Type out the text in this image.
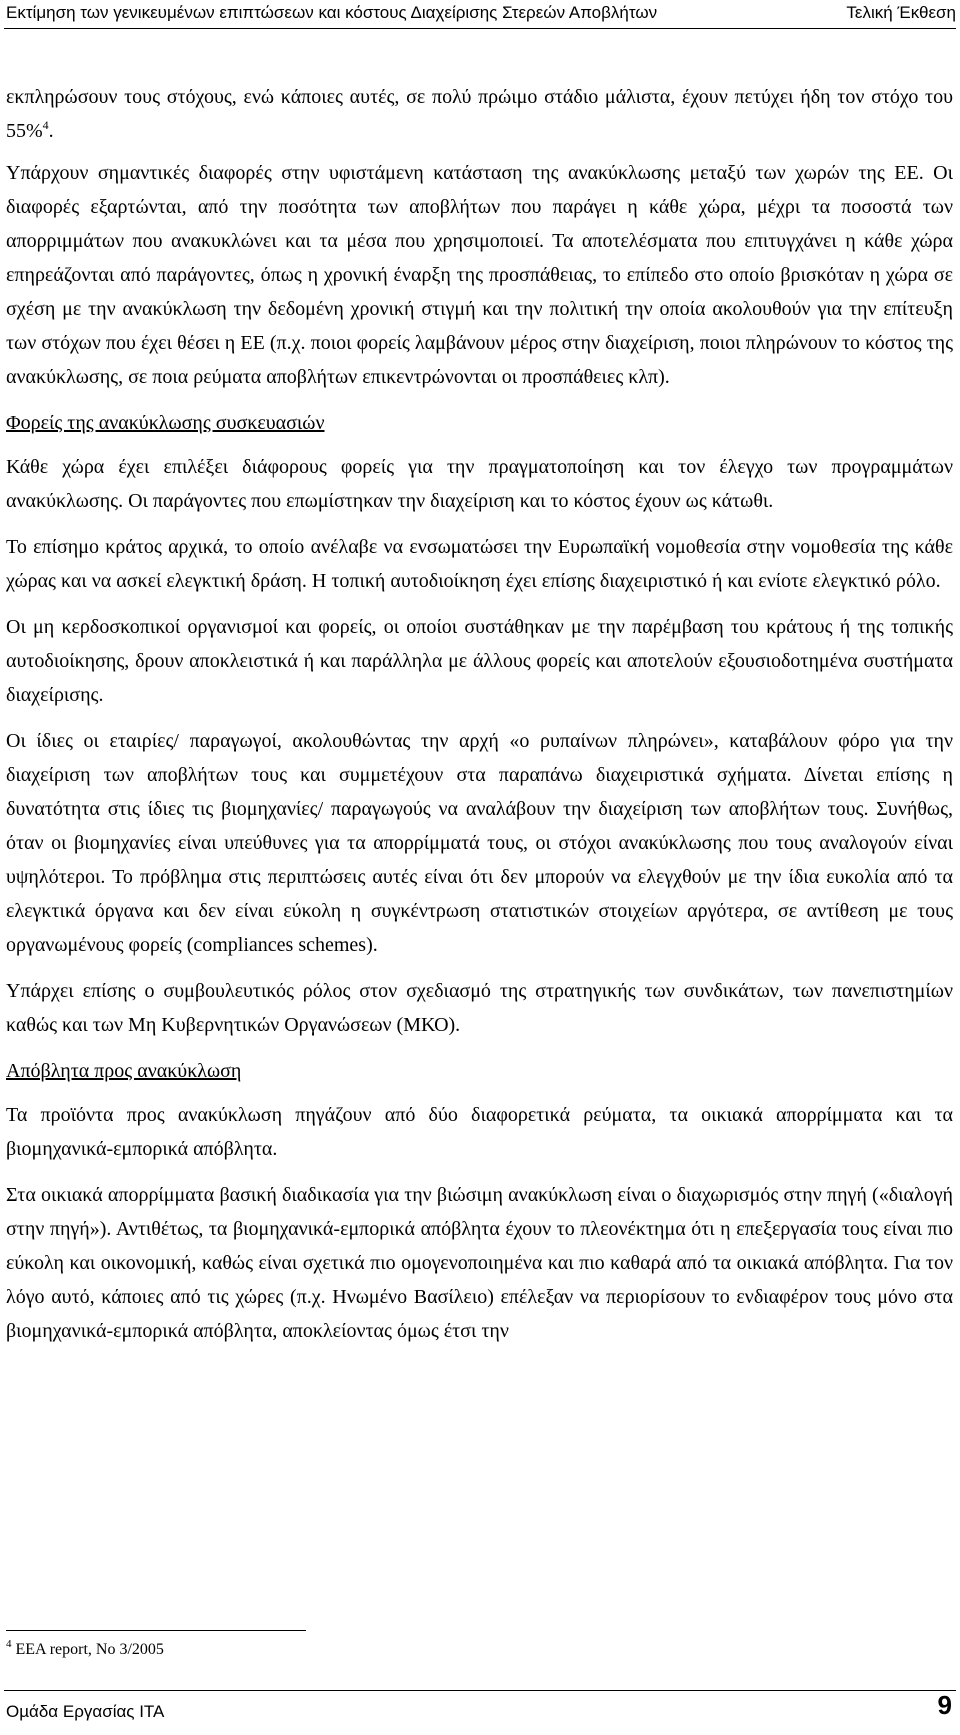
Εκτίμηση των γενικευμένων επιπτώσεων και κόστους Διαχείρισης Στερεών Αποβλήτων	Τελική Έκθεση

εκπληρώσουν τους στόχους, ενώ κάποιες αυτές, σε πολύ πρώιμο στάδιο μάλιστα, έχουν πετύχει ήδη τον στόχο του 55%$^4$.

Υπάρχουν σημαντικές διαφορές στην υφιστάμενη κατάσταση της ανακύκλωσης μεταξύ των χωρών της ΕΕ. Οι διαφορές εξαρτώνται, από την ποσότητα των αποβλήτων που παράγει η κάθε χώρα, μέχρι τα ποσοστά των απορριμμάτων που ανακυκλώνει και τα μέσα που χρησιμοποιεί. Τα αποτελέσματα που επιτυγχάνει η κάθε χώρα επηρεάζονται από παράγοντες, όπως η χρονική έναρξη της προσπάθειας, το επίπεδο στο οποίο βρισκόταν η χώρα σε σχέση με την ανακύκλωση την δεδομένη χρονική στιγμή και την πολιτική την οποία ακολουθούν για την επίτευξη των στόχων που έχει θέσει η ΕΕ (π.χ. ποιοι φορείς λαμβάνουν μέρος στην διαχείριση, ποιοι πληρώνουν το κόστος της ανακύκλωσης, σε ποια ρεύματα αποβλήτων επικεντρώνονται οι προσπάθειες κλπ).

Φορείς της ανακύκλωσης συσκευασιών

Κάθε χώρα έχει επιλέξει διάφορους φορείς για την πραγματοποίηση και τον έλεγχο των προγραμμάτων ανακύκλωσης. Οι παράγοντες που επωμίστηκαν την διαχείριση και το κόστος έχουν ως κάτωθι.

Το επίσημο κράτος αρχικά, το οποίο ανέλαβε να ενσωματώσει την Ευρωπαϊκή νομοθεσία στην νομοθεσία της κάθε χώρας και να ασκεί ελεγκτική δράση. Η τοπική αυτοδιοίκηση έχει επίσης διαχειριστικό ή και ενίοτε ελεγκτικό ρόλο.

Οι μη κερδοσκοπικοί οργανισμοί και φορείς, οι οποίοι συστάθηκαν με την παρέμβαση του κράτους ή της τοπικής αυτοδιοίκησης, δρουν αποκλειστικά ή και παράλληλα με άλλους φορείς και αποτελούν εξουσιοδοτημένα συστήματα διαχείρισης.

Οι ίδιες οι εταιρίες/ παραγωγοί, ακολουθώντας την αρχή «ο ρυπαίνων πληρώνει», καταβάλουν φόρο για την διαχείριση των αποβλήτων τους και συμμετέχουν στα παραπάνω διαχειριστικά σχήματα. Δίνεται επίσης η δυνατότητα στις ίδιες τις βιομηχανίες/ παραγωγούς να αναλάβουν την διαχείριση των αποβλήτων τους. Συνήθως, όταν οι βιομηχανίες είναι υπεύθυνες για τα απορρίμματά τους, οι στόχοι ανακύκλωσης που τους αναλογούν είναι υψηλότεροι. Το πρόβλημα στις περιπτώσεις αυτές είναι ότι δεν μπορούν να ελεγχθούν με την ίδια ευκολία από τα ελεγκτικά όργανα και δεν είναι εύκολη η συγκέντρωση στατιστικών στοιχείων αργότερα, σε αντίθεση με τους οργανωμένους φορείς (compliances schemes).

Υπάρχει επίσης ο συμβουλευτικός ρόλος στον σχεδιασμό της στρατηγικής των συνδικάτων, των πανεπιστημίων καθώς και των Μη Κυβερνητικών Οργανώσεων (ΜΚΟ).

Απόβλητα προς ανακύκλωση

Τα προϊόντα προς ανακύκλωση πηγάζουν από δύο διαφορετικά ρεύματα, τα οικιακά απορρίμματα και τα βιομηχανικά-εμπορικά απόβλητα.

Στα οικιακά απορρίμματα βασική διαδικασία για την βιώσιμη ανακύκλωση είναι ο διαχωρισμός στην πηγή («διαλογή στην πηγή»). Αντιθέτως, τα βιομηχανικά-εμπορικά απόβλητα έχουν το πλεονέκτημα ότι η επεξεργασία τους είναι πιο εύκολη και οικονομική, καθώς είναι σχετικά πιο ομογενοποιημένα και πιο καθαρά από τα οικιακά απόβλητα. Για τον λόγο αυτό, κάποιες από τις χώρες (π.χ. Ηνωμένο Βασίλειο) επέλεξαν να περιορίσουν το ενδιαφέρον τους μόνο στα βιομηχανικά-εμπορικά απόβλητα, αποκλείοντας όμως έτσι την

$^4$ EEA report, No 3/2005
Οµάδα Εργασίας ΙΤΑ	9
